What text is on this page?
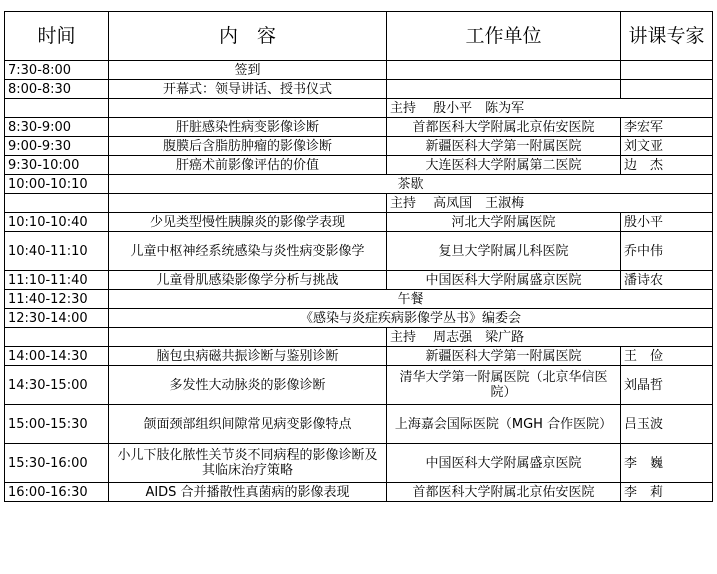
时间	内　容	工作单位	讲课专家
7:30-8:00	签到		
8:00-8:30	开幕式：领导讲话、授书仪式		
		主持　 殷小平　陈为军	
8:30-9:00	肝脏感染性病变影像诊断	首都医科大学附属北京佑安医院	李宏军
9:00-9:30	腹膜后含脂肪肿瘤的影像诊断	新疆医科大学第一附属医院	刘文亚
9:30-10:00	肝癌术前影像评估的价值	大连医科大学附属第二医院	边　杰
10:00-10:10	茶歇		
		主持　 高凤国　王淑梅	
10:10-10:40	少见类型慢性胰腺炎的影像学表现	河北大学附属医院	殷小平
10:40-11:10	儿童中枢神经系统感染与炎性病变影像学	复旦大学附属儿科医院	乔中伟
11:10-11:40	儿童骨肌感染影像学分析与挑战	中国医科大学附属盛京医院	潘诗农
11:40-12:30	午餐		
12:30-14:00	《感染与炎症疾病影像学丛书》编委会		
		主持　 周志强　梁广路	
14:00-14:30	脑包虫病磁共振诊断与鉴别诊断	新疆医科大学第一附属医院	王　俭
14:30-15:00	多发性大动脉炎的影像诊断	清华大学第一附属医院（北京华信医院）	刘晶哲
15:00-15:30	颌面颈部组织间隙常见病变影像特点	上海嘉会国际医院（MGH 合作医院）	吕玉波
15:30-16:00	小儿下肢化脓性关节炎不同病程的影像诊断及其临床治疗策略	中国医科大学附属盛京医院	李　巍
16:00-16:30	AIDS 合并播散性真菌病的影像表现	首都医科大学附属北京佑安医院	李　莉
